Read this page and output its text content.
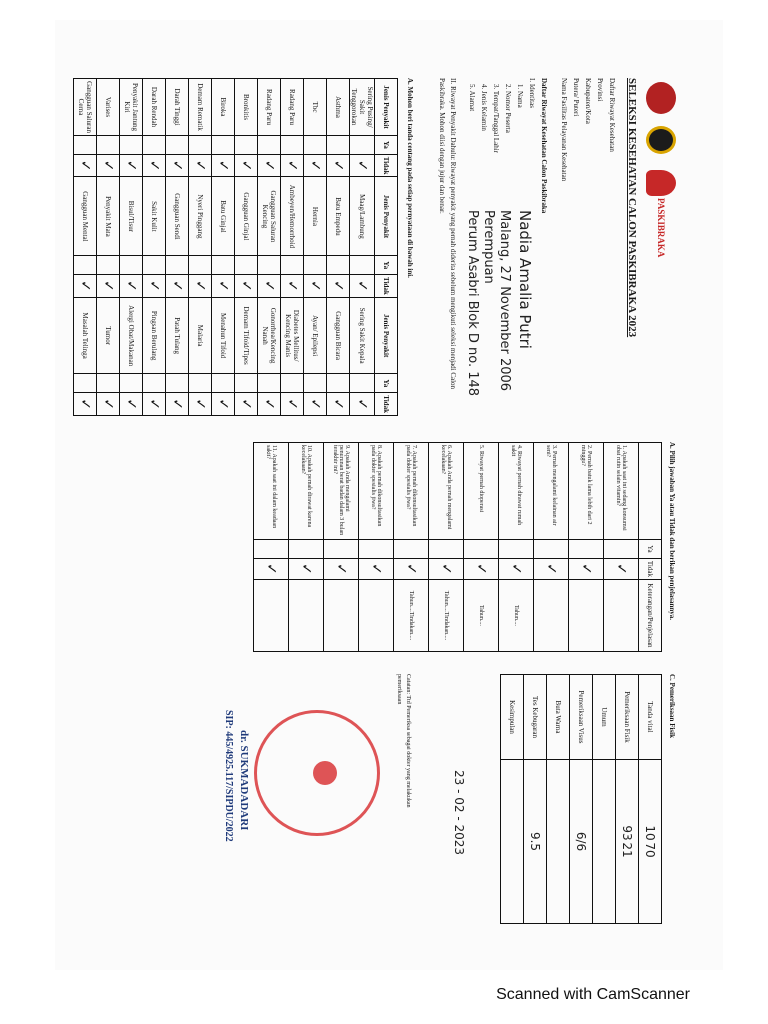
PASKIBRAKA
SELEKSI KESEHATAN CALON PASKIBRAKA 2023
Daftar Riwayat Kesehatan
Provinsi
Kabupaten/Kota
Putera/ Puteri
Nama Fasilitas Pelayanan Kesehatan
Daftar Riwayat Kesehatan Calon Paskibraka
I. Identitas
1. Nama
2. Nomor Peserta
3. Tempat/Tanggal Lahir
4. Jenis Kelamin
5. Alamat
Nadia Amalia Putri
Malang, 27 November 2006
Perempuan
Perum Asabri Blok D no. 148
II. Riwayat Penyakit Dahulu: Riwayat penyakit yang pernah diderita sebelum mengikuti seleksi menjadi Calon Paskibraka. Mohon diisi dengan jujur dan benar.
A. Mohon beri tanda centang pada setiap pernyataan di bawah ini.
Jenis Penyakit	Ya	Tidak	Jenis Penyakit	Ya	Tidak	Jenis Penyakit	Ya	Tidak
Sering Pusing/ Sakit Tenggorokan		✓	Maag/Lambung		✓	Sering Sakit Kepala		✓
Asthma		✓	Batu Empedu		✓	Gangguan Bicara		✓
Tbc		✓	Hernia		✓	Ayan/ Epilepsi		✓
Radang Paru		✓	Ambeyen/Hemorrhoid		✓	Diabetes Mellitus/ Kencing Manis		✓
Radang Paru		✓	Gangguan Saluran Kencing		✓	Gonorrhea/Kencing Nanah		✓
Bronkitis		✓	Gangguan Ginjal		✓	Demam Tifoid/Tipes		✓
Biroka		✓	Batu Ginjal		✓	Menahun Tifoid		✓
Demam Rematik		✓	Nyeri Pinggang		✓	Malaria		✓
Darah Tinggi		✓	Gangguan Sendi		✓	Patah Tulang		✓
Darah Rendah		✓	Sakit Kulit		✓	Pingsan Berulang		✓
Penyakit Jantung Kiri		✓	Bisul/Tisur		✓	Alergi Obat/Makanan		✓
Varises		✓	Penyakit Mata		✓	Tumor		✓
Gangguan Saluran Cerna		✓	Gangguan Mental		✓	Masalah Telinga		✓
A. Pilih jawaban Ya atau Tidak dan berikan penjelasannya.
	Ya	Tidak	Keterangan/Penjelasan
1. Apakah saat ini sedang konsumsi obat rutin selain vitamin?		✓	
2. Pernah batuk lama lebih dari 2 minggu?		✓	
3. Pernah mengalami kelainan air seni?		✓	
4. Riwayat pernah dirawat rumah sakit		✓	Tahun....
5. Riwayat pernah dioperasi		✓	Tahun....
6. Apakah Anda pernah mengalami kecelakaan?		✓	Tahun....Tindakan....
7. Apakah pernah dikonsultasikan pada dokter spesialis jiwa?		✓	Tahun....Tindakan....
8. Apakah pernah dikonsultasikan pada dokter spesialis jiwa?		✓	
9. Apakah Anda mengalami penurunan berat badan dalam 3 bulan terakhir ini?		✓	
10. Apakah pernah dirawat karena kecelakaan?		✓	
11. Apakah saat ini dalam keadaan sakit?		✓	
C. Pemeriksaan Fisik
Tanda vital	10 70
Pemeriksaan Fisik	93 21
Umum	
Pemeriksaan Visus	6/6
Buta Warna	
Tes Kebugaran	9.5
Kesimpulan	
23 - 02 - 2023
Catatan: Ttd Pemeriksa sebagai dokter yang melakukan pemeriksaan
dr. SUKMADADARI
SIP: 445/4925.117/SIPDU/2022
Scanned with CamScanner
